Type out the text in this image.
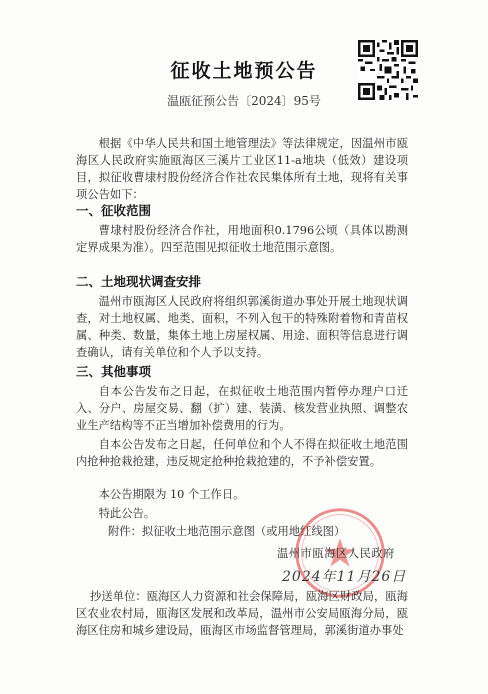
征收土地预公告
温瓯征预公告〔2024〕95号
根据《中华人民共和国土地管理法》等法律规定，因温州市瓯海区人民政府实施瓯海区三溪片工业区11-a地块（低效）建设项目，拟征收曹埭村股份经济合作社农民集体所有土地，现将有关事项公告如下：
一、征收范围
曹埭村股份经济合作社，用地面积0.1796公顷（具体以勘测定界成果为准）。四至范围见拟征收土地范围示意图。
二、土地现状调查安排
温州市瓯海区人民政府将组织郭溪街道办事处开展土地现状调查，对土地权属、地类、面积，不列入包干的特殊附着物和青苗权属、种类、数量，集体土地上房屋权属、用途、面积等信息进行调查确认，请有关单位和个人予以支持。
三、其他事项
自本公告发布之日起，在拟征收土地范围内暂停办理户口迁入、分户、房屋交易、翻（扩）建、装潢、核发营业执照、调整农业生产结构等不正当增加补偿费用的行为。
自本公告发布之日起，任何单位和个人不得在拟征收土地范围内抢种抢栽抢建，违反规定抢种抢栽抢建的，不予补偿安置。
本公告期限为 10 个工作日。
特此公告。
附件：拟征收土地范围示意图（或用地红线图）
温州市瓯海区人民政府
2024年11月26日
抄送单位：瓯海区人力资源和社会保障局，瓯海区财政局，瓯海区农业农村局，瓯海区发展和改革局，温州市公安局瓯海分局，瓯海区住房和城乡建设局，瓯海区市场监督管理局，郭溪街道办事处
